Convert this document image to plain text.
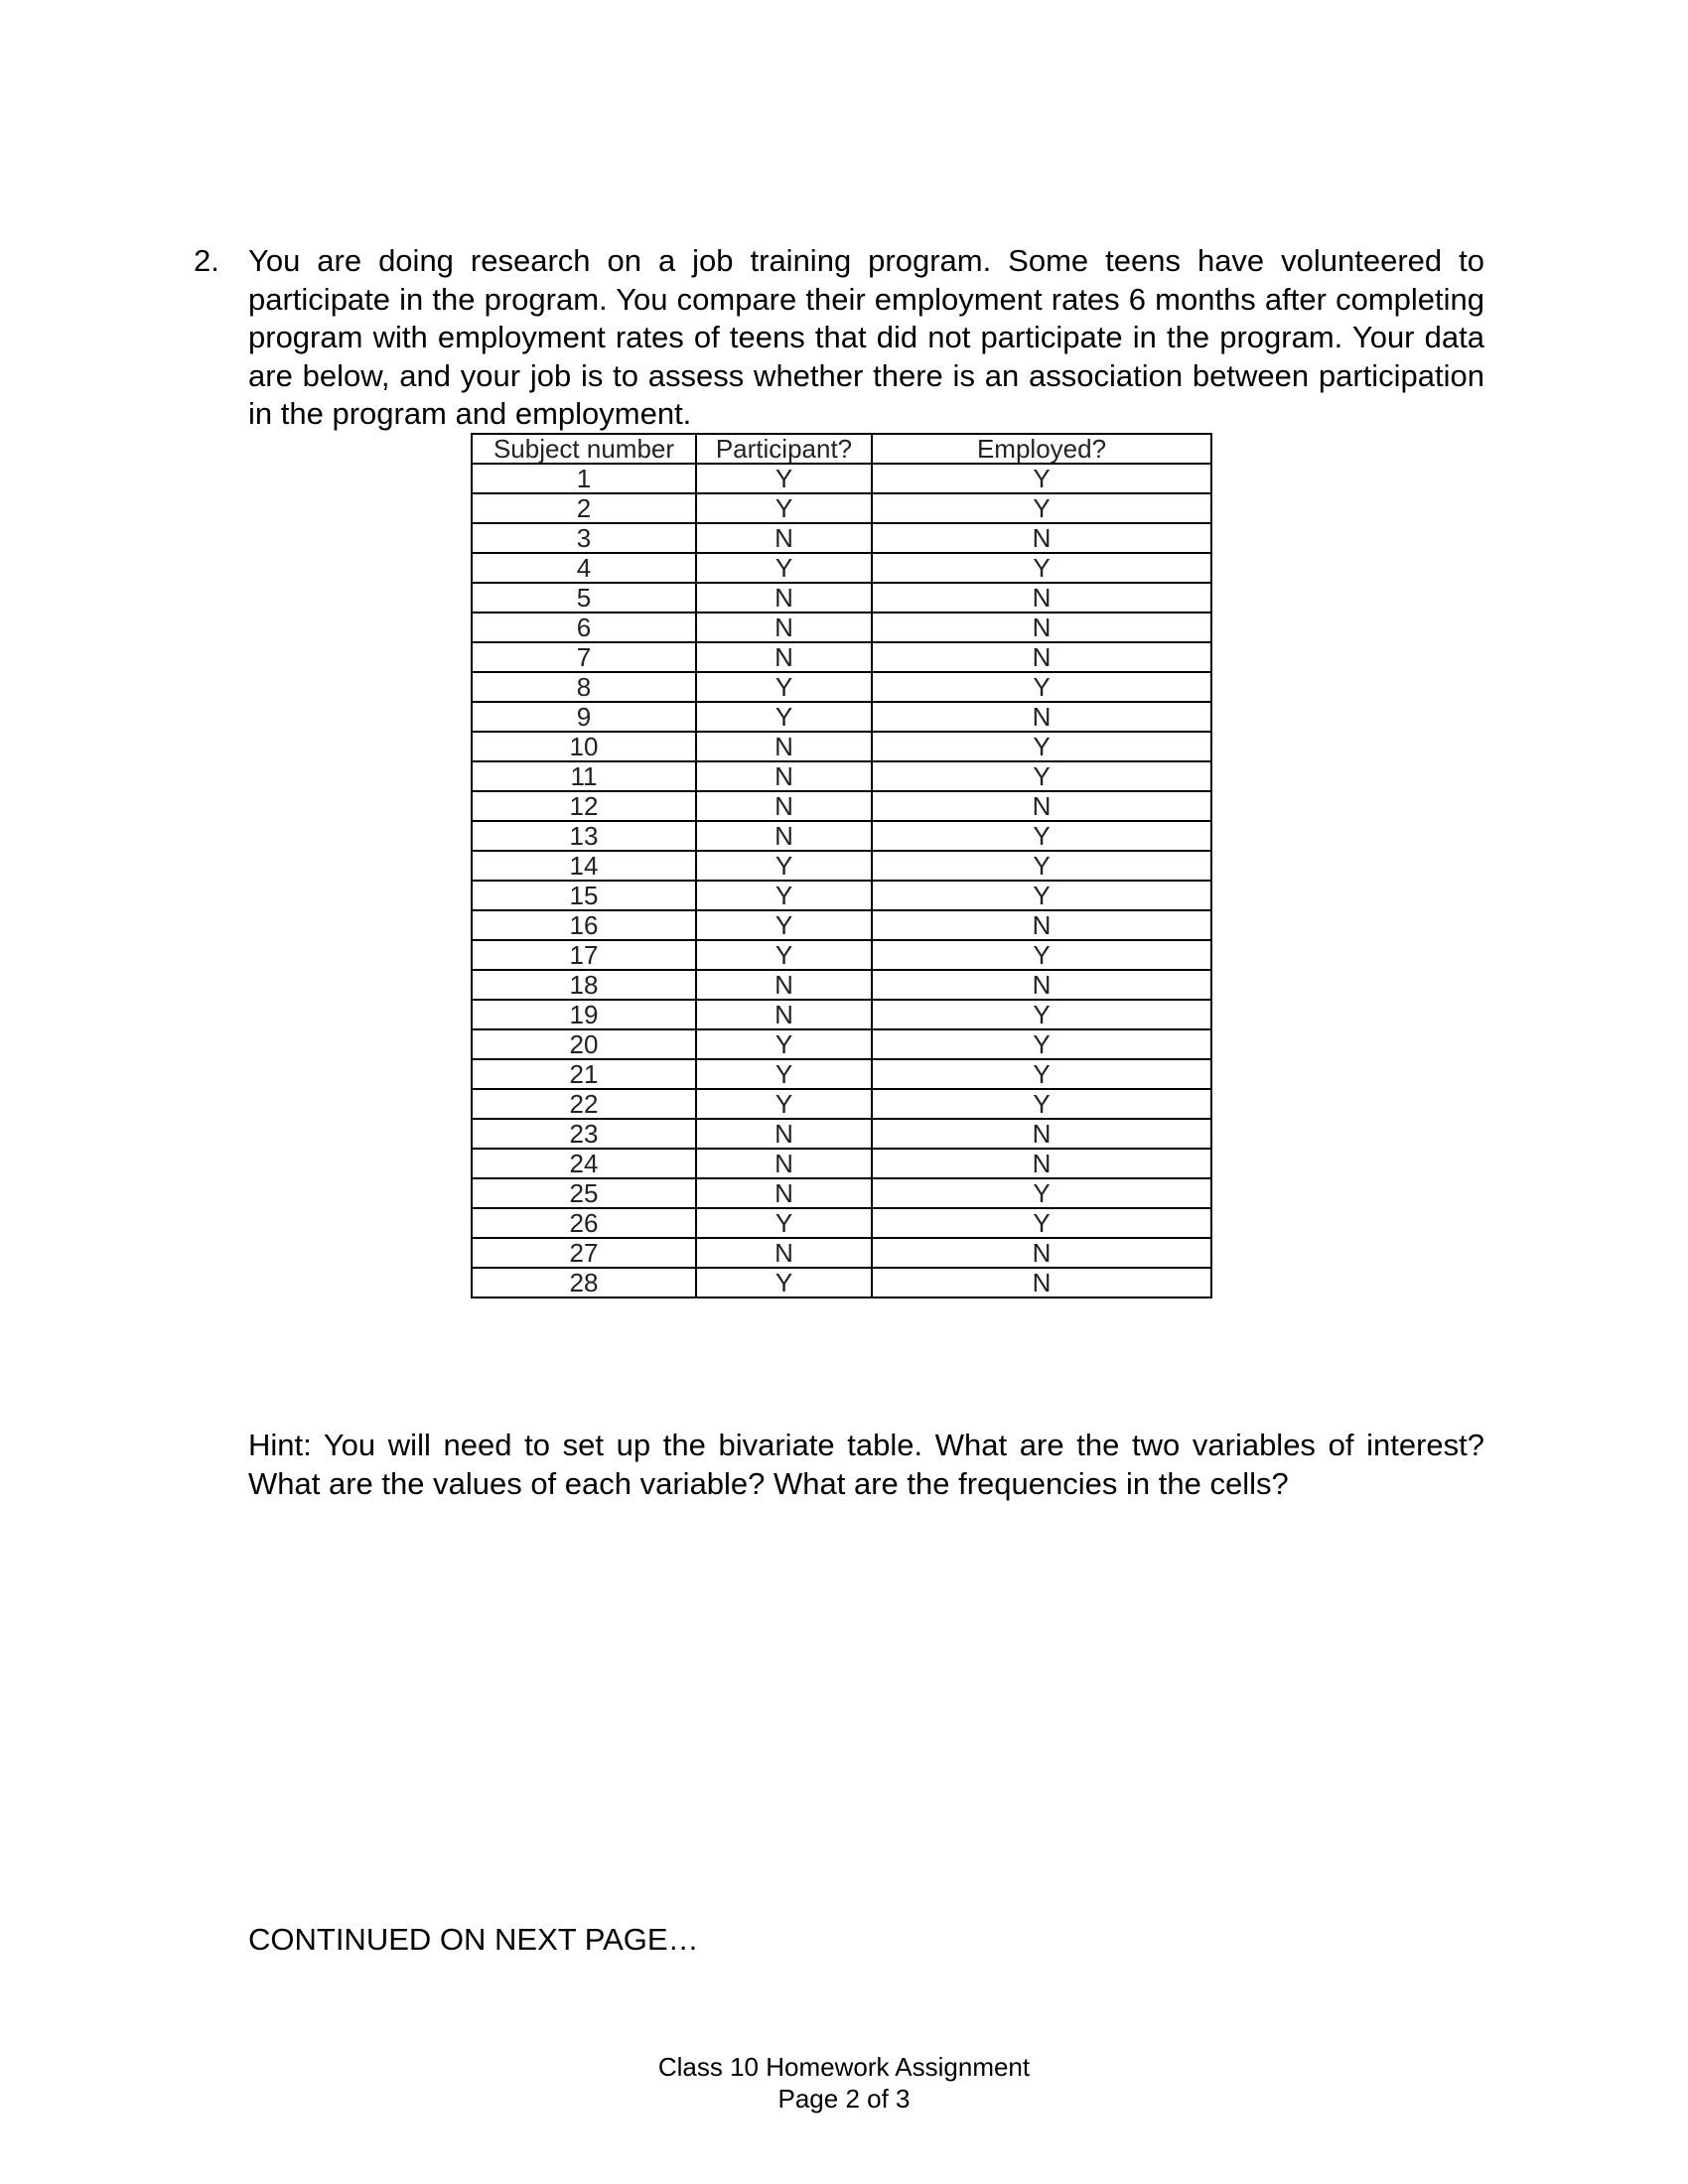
2. You are doing research on a job training program. Some teens have volunteered to participate in the program. You compare their employment rates 6 months after completing program with employment rates of teens that did not participate in the program. Your data are below, and your job is to assess whether there is an association between participation in the program and employment.
Subject number	Participant?	Employed?
1	Y	Y
2	Y	Y
3	N	N
4	Y	Y
5	N	N
6	N	N
7	N	N
8	Y	Y
9	Y	N
10	N	Y
11	N	Y
12	N	N
13	N	Y
14	Y	Y
15	Y	Y
16	Y	N
17	Y	Y
18	N	N
19	N	Y
20	Y	Y
21	Y	Y
22	Y	Y
23	N	N
24	N	N
25	N	Y
26	Y	Y
27	N	N
28	Y	N
Hint: You will need to set up the bivariate table. What are the two variables of interest? What are the values of each variable? What are the frequencies in the cells?
CONTINUED ON NEXT PAGE…
Class 10 Homework Assignment
Page 2 of 3
